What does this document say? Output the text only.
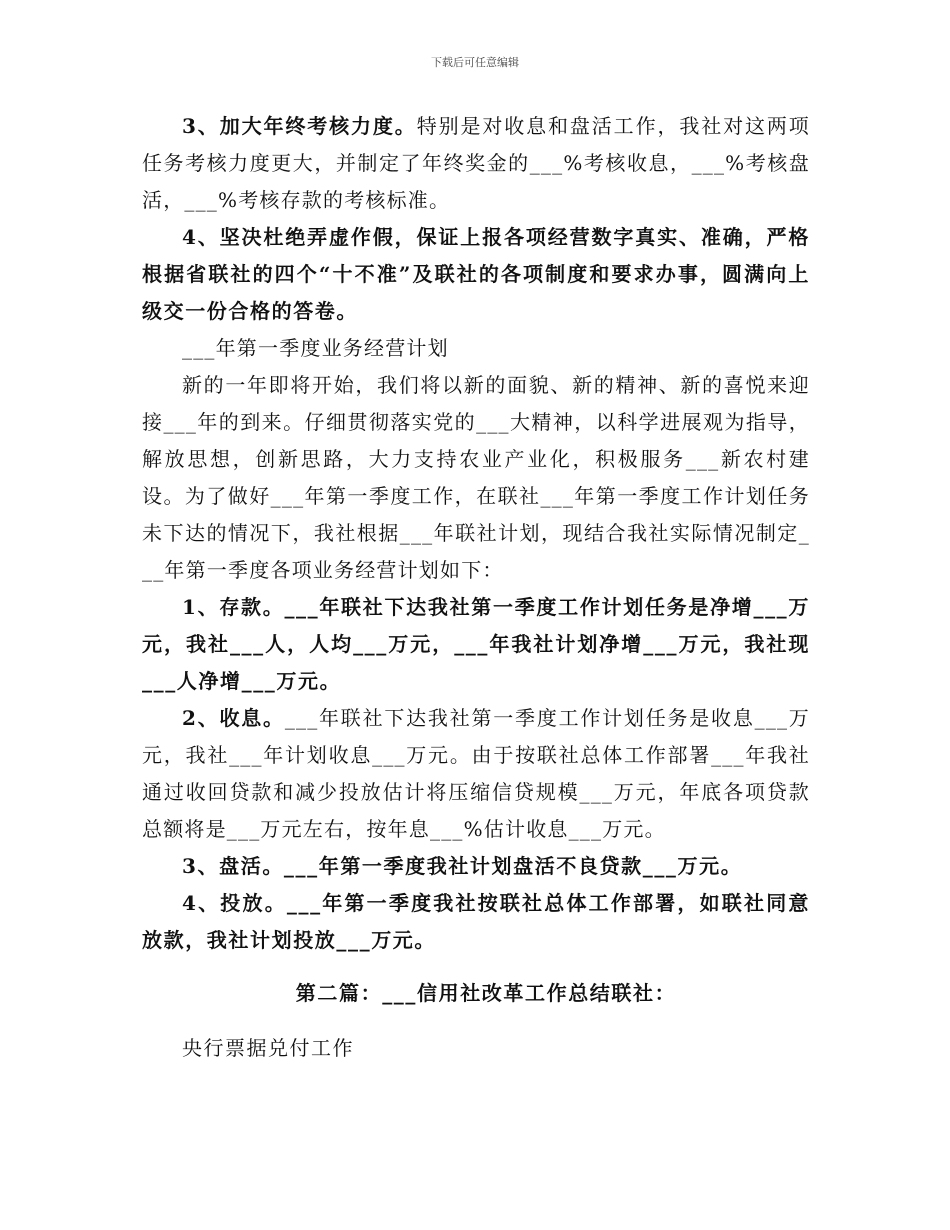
下载后可任意编辑

3、加大年终考核力度。特别是对收息和盘活工作，我社对这两项任务考核力度更大，并制定了年终奖金的___%考核收息，___%考核盘活，___%考核存款的考核标准。

4、坚决杜绝弄虚作假，保证上报各项经营数字真实、准确，严格根据省联社的四个“十不准”及联社的各项制度和要求办事，圆满向上级交一份合格的答卷。

___年第一季度业务经营计划

新的一年即将开始，我们将以新的面貌、新的精神、新的喜悦来迎接___年的到来。仔细贯彻落实党的___大精神，以科学进展观为指导，解放思想，创新思路，大力支持农业产业化，积极服务___新农村建设。为了做好___年第一季度工作，在联社___年第一季度工作计划任务未下达的情况下，我社根据___年联社计划，现结合我社实际情况制定___年第一季度各项业务经营计划如下：

1、存款。___年联社下达我社第一季度工作计划任务是净增___万元，我社___人，人均___万元，___年我社计划净增___万元，我社现___人净增___万元。

2、收息。___年联社下达我社第一季度工作计划任务是收息___万元，我社___年计划收息___万元。由于按联社总体工作部署___年我社通过收回贷款和减少投放估计将压缩信贷规模___万元，年底各项贷款总额将是___万元左右，按年息___%估计收息___万元。

3、盘活。___年第一季度我社计划盘活不良贷款___万元。

4、投放。___年第一季度我社按联社总体工作部署，如联社同意放款，我社计划投放___万元。

第二篇：___信用社改革工作总结联社：

央行票据兑付工作
